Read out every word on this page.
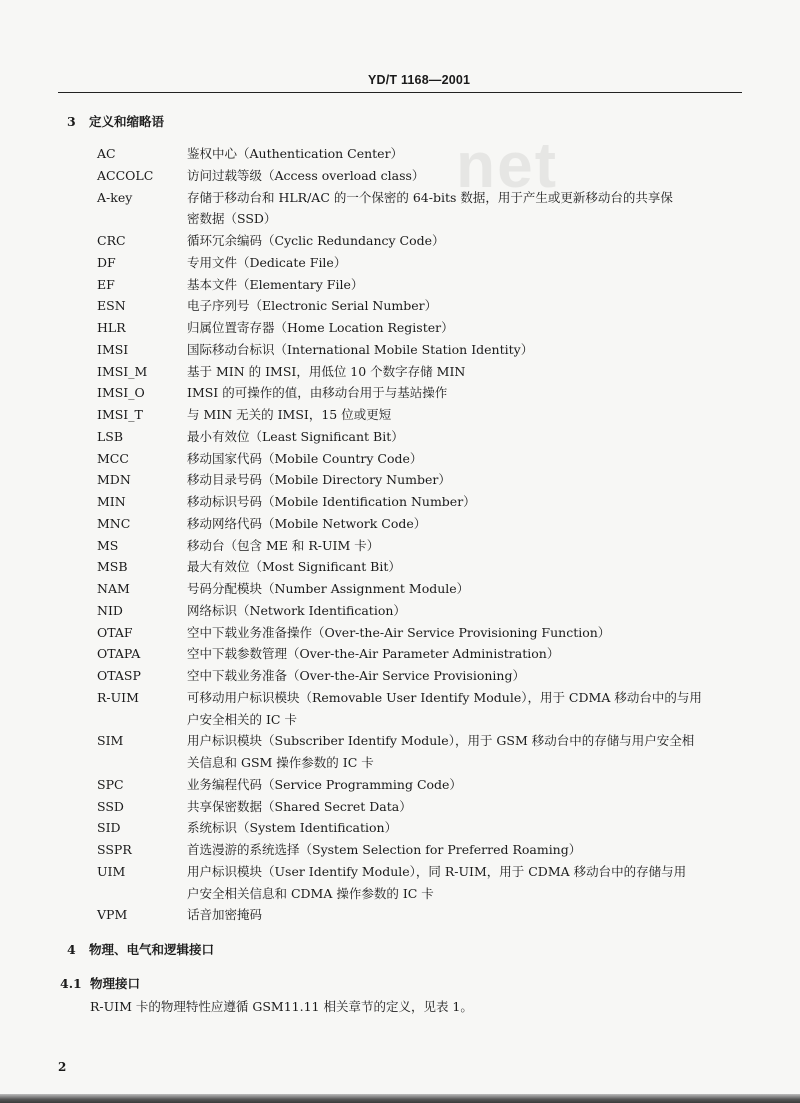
net
YD/T 1168—2001
3 定义和缩略语
AC	鉴权中心（Authentication Center）
ACCOLC	访问过载等级（Access overload class）
A-key	存储于移动台和 HLR/AC 的一个保密的 64-bits 数据，用于产生或更新移动台的共享保
密数据（SSD）
CRC	循环冗余编码（Cyclic Redundancy Code）
DF	专用文件（Dedicate File）
EF	基本文件（Elementary File）
ESN	电子序列号（Electronic Serial Number）
HLR	归属位置寄存器（Home Location Register）
IMSI	国际移动台标识（International Mobile Station Identity）
IMSI_M	基于 MIN 的 IMSI，用低位 10 个数字存储 MIN
IMSI_O	IMSI 的可操作的值，由移动台用于与基站操作
IMSI_T	与 MIN 无关的 IMSI，15 位或更短
LSB	最小有效位（Least Significant Bit）
MCC	移动国家代码（Mobile Country Code）
MDN	移动目录号码（Mobile Directory Number）
MIN	移动标识号码（Mobile Identification Number）
MNC	移动网络代码（Mobile Network Code）
MS	移动台（包含 ME 和 R-UIM 卡）
MSB	最大有效位（Most Significant Bit）
NAM	号码分配模块（Number Assignment Module）
NID	网络标识（Network Identification）
OTAF	空中下载业务准备操作（Over-the-Air Service Provisioning Function）
OTAPA	空中下载参数管理（Over-the-Air Parameter Administration）
OTASP	空中下载业务准备（Over-the-Air Service Provisioning）
R-UIM	可移动用户标识模块（Removable User Identify Module），用于 CDMA 移动台中的与用
户安全相关的 IC 卡
SIM	用户标识模块（Subscriber Identify Module），用于 GSM 移动台中的存储与用户安全相
关信息和 GSM 操作参数的 IC 卡
SPC	业务编程代码（Service Programming Code）
SSD	共享保密数据（Shared Secret Data）
SID	系统标识（System Identification）
SSPR	首选漫游的系统选择（System Selection for Preferred Roaming）
UIM	用户标识模块（User Identify Module），同 R-UIM，用于 CDMA 移动台中的存储与用
户安全相关信息和 CDMA 操作参数的 IC 卡
VPM	话音加密掩码
4 物理、电气和逻辑接口
4.1 物理接口
R-UIM 卡的物理特性应遵循 GSM11.11 相关章节的定义，见表 1。
2
